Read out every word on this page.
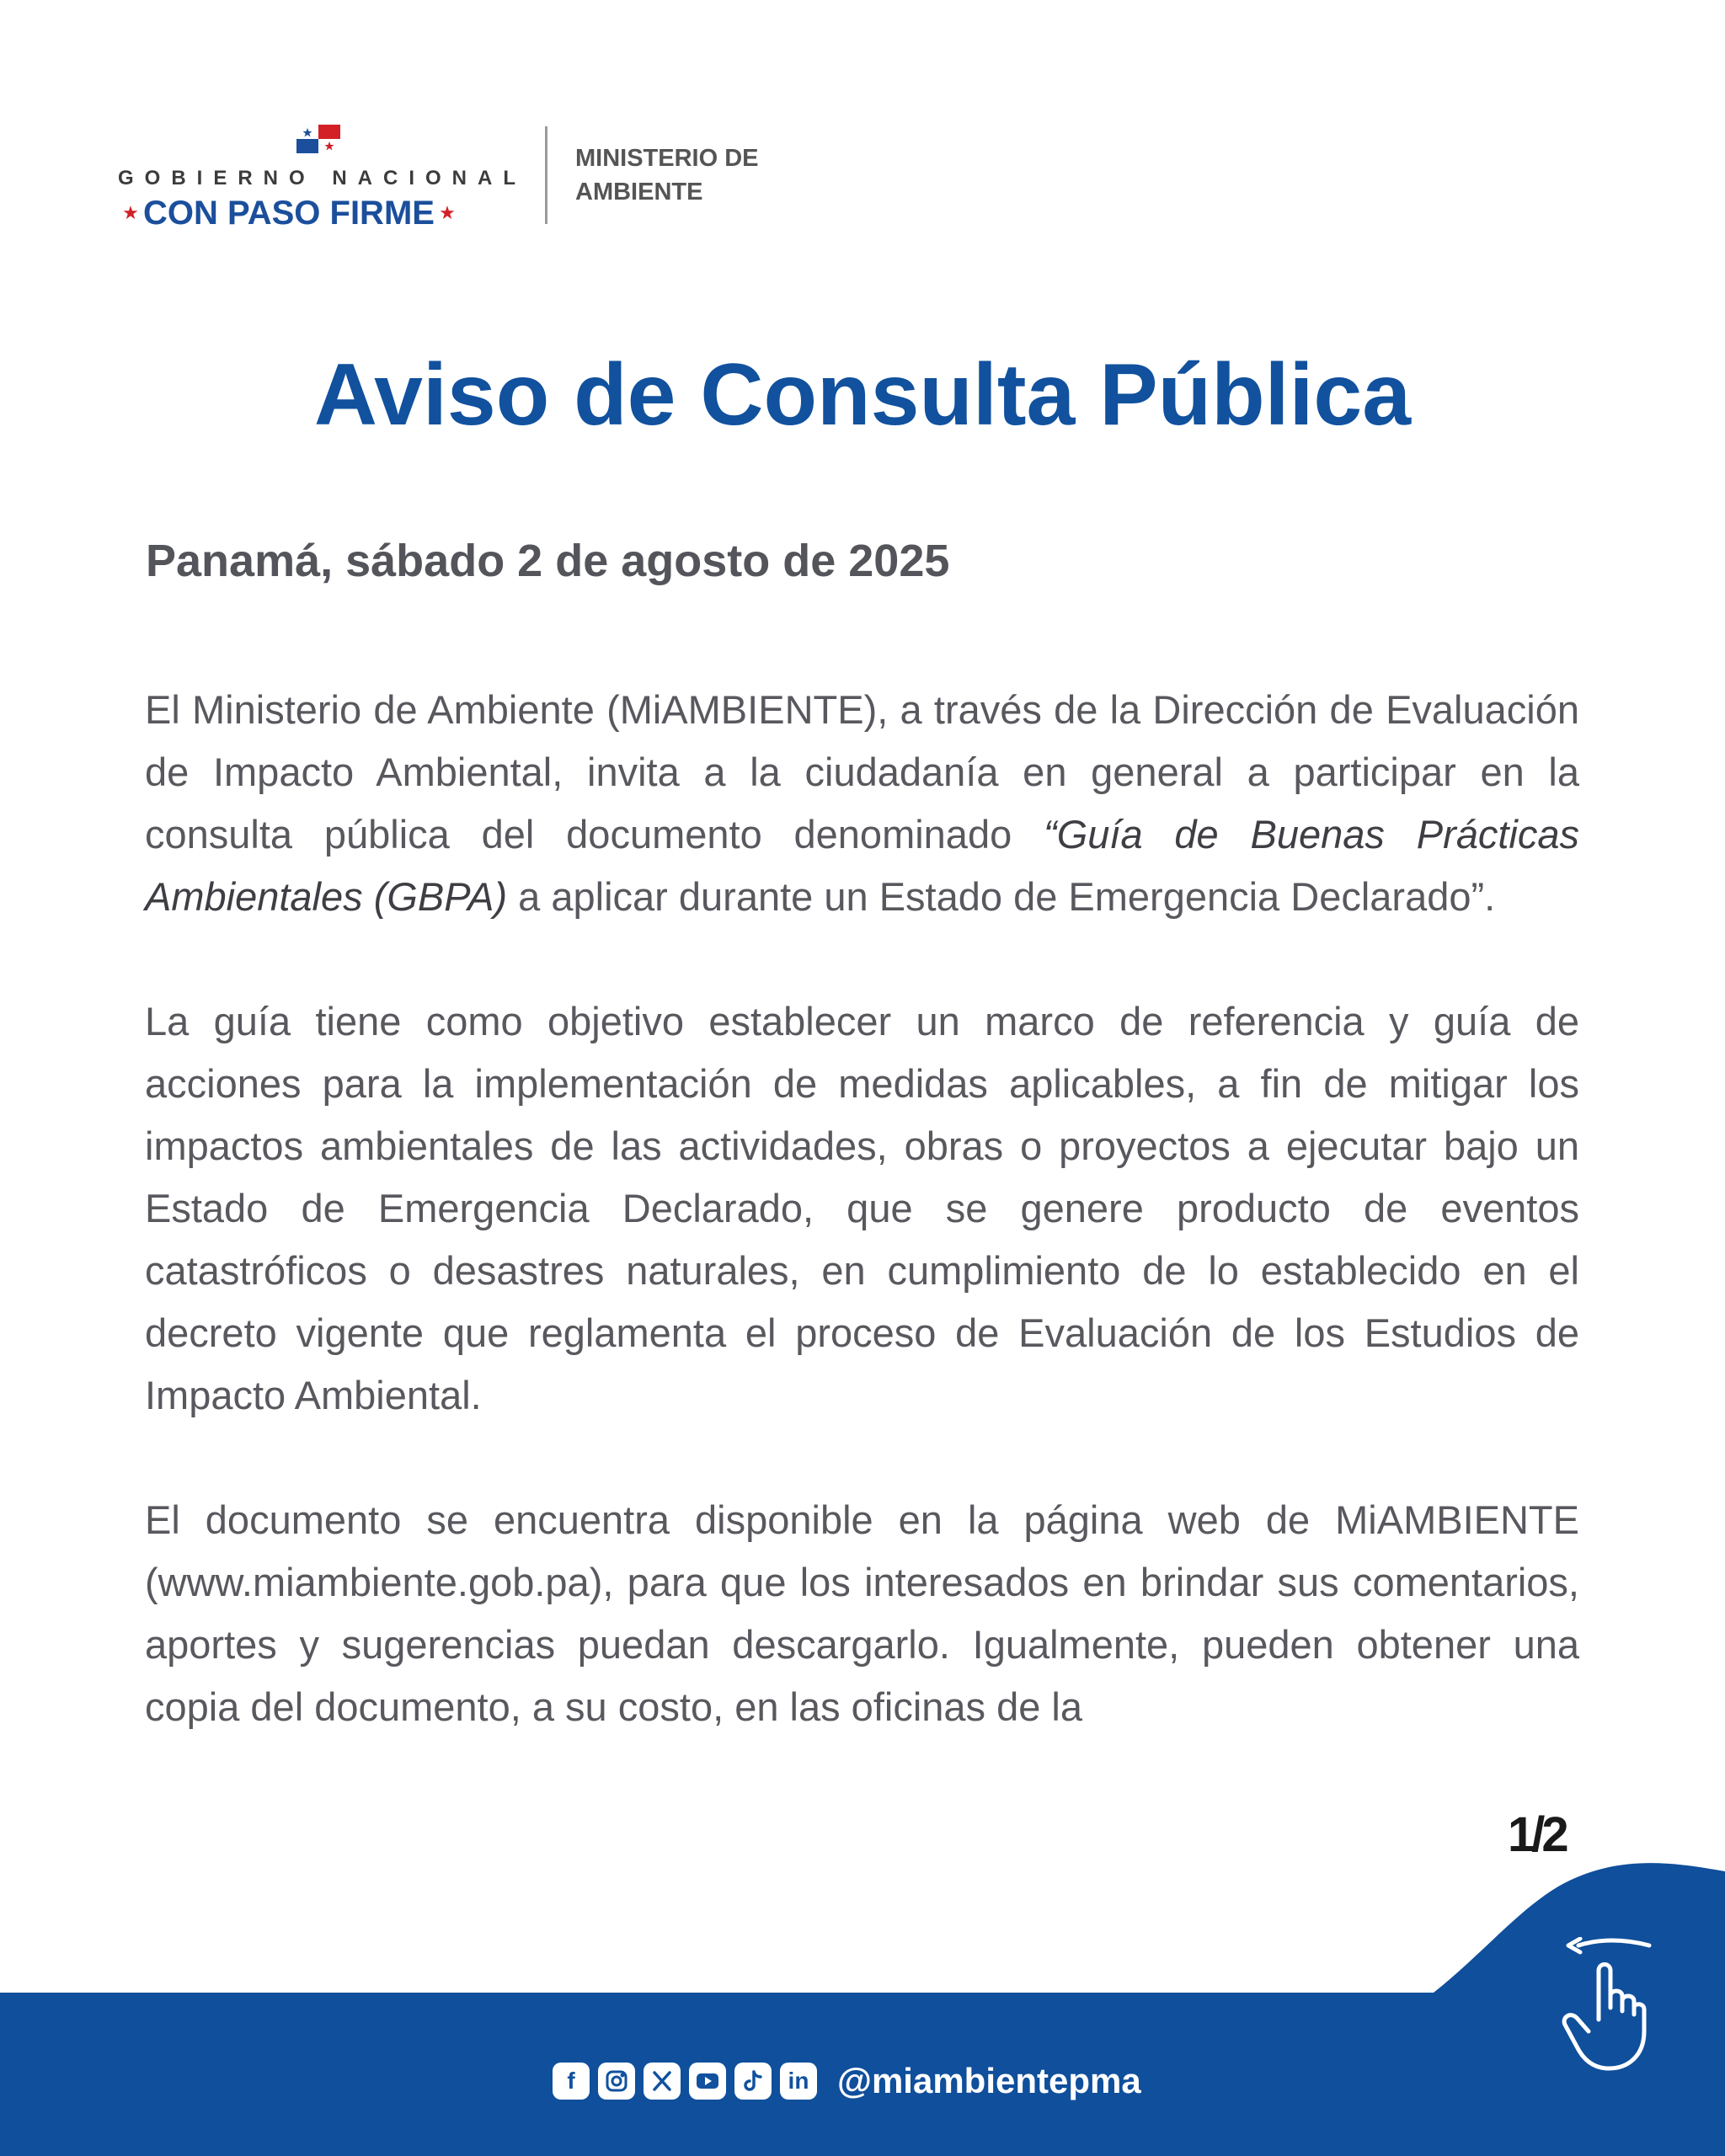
GOBIERNO NACIONAL
★ CON PASO FIRME ★
MINISTERIO DE
AMBIENTE
Aviso de Consulta Pública
Panamá, sábado 2 de agosto de 2025

El Ministerio de Ambiente (MiAMBIENTE), a través de la Dirección de Evaluación de Impacto Ambiental, invita a la ciudadanía en general a participar en la consulta pública del documento denominado “Guía de Buenas Prácticas Ambientales (GBPA) a aplicar durante un Estado de Emergencia Declarado”.

La guía tiene como objetivo establecer un marco de referencia y guía de acciones para la implementación de medidas aplicables, a fin de mitigar los impactos ambientales de las actividades, obras o proyectos a ejecutar bajo un Estado de Emergencia Declarado, que se genere producto de eventos catastróficos o desastres naturales, en cumplimiento de lo establecido en el decreto vigente que reglamenta el proceso de Evaluación de los Estudios de Impacto Ambiental.

El documento se encuentra disponible en la página web de MiAMBIENTE (www.miambiente.gob.pa), para que los interesados en brindar sus comentarios, aportes y sugerencias puedan descargarlo. Igualmente, pueden obtener una copia del documento, a su costo, en las oficinas de la

1/2
f	in @miambientepma
